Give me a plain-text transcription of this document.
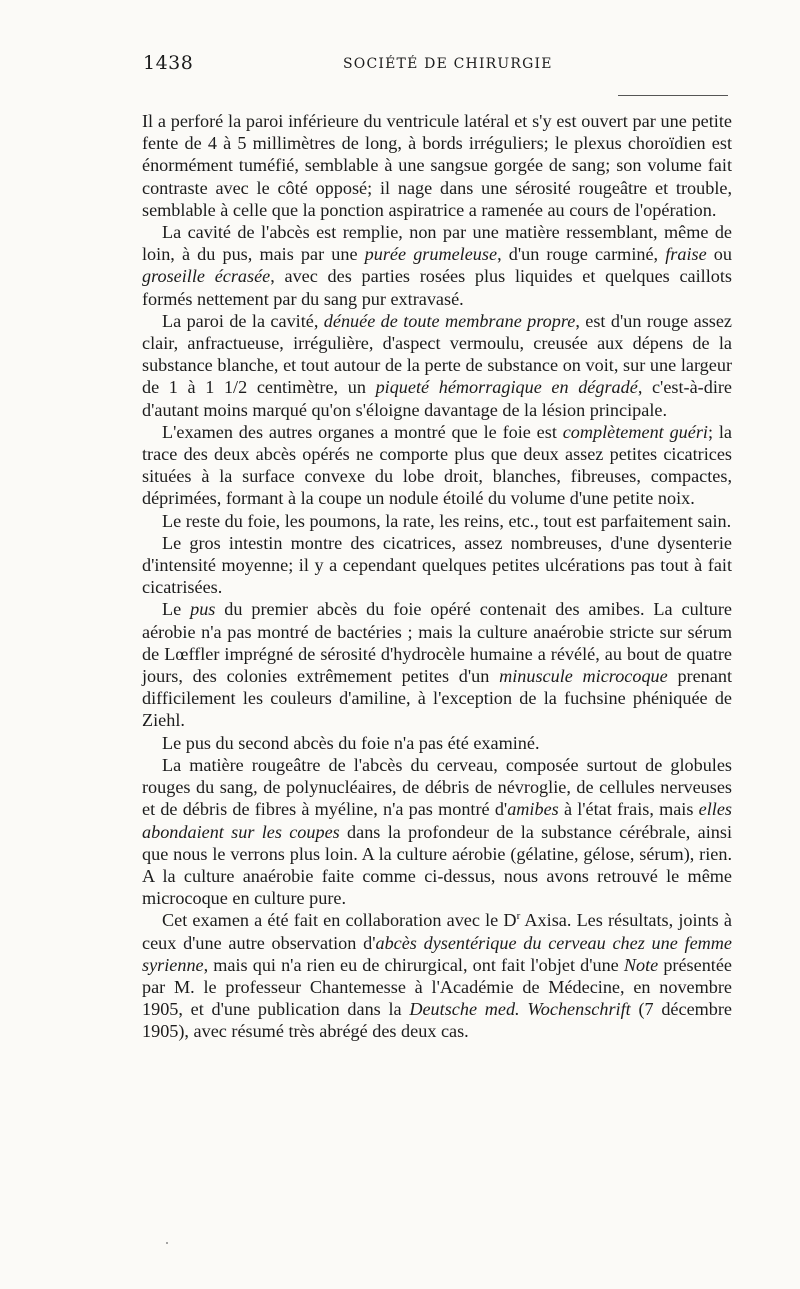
1438	SOCIÉTÉ DE CHIRURGIE

Il a perforé la paroi inférieure du ventricule latéral et s'y est ouvert par une petite fente de 4 à 5 millimètres de long, à bords irréguliers; le plexus choroïdien est énormément tuméfié, semblable à une sangsue gorgée de sang; son volume fait contraste avec le côté opposé; il nage dans une sérosité rougeâtre et trouble, semblable à celle que la ponction aspiratrice a ramenée au cours de l'opération.

La cavité de l'abcès est remplie, non par une matière ressemblant, même de loin, à du pus, mais par une purée grumeleuse, d'un rouge carminé, fraise ou groseille écrasée, avec des parties rosées plus liquides et quelques caillots formés nettement par du sang pur extravasé.

La paroi de la cavité, dénuée de toute membrane propre, est d'un rouge assez clair, anfractueuse, irrégulière, d'aspect vermoulu, creusée aux dépens de la substance blanche, et tout autour de la perte de substance on voit, sur une largeur de 1 à 1 1/2 centimètre, un piqueté hémorragique en dégradé, c'est-à-dire d'autant moins marqué qu'on s'éloigne davantage de la lésion principale.

L'examen des autres organes a montré que le foie est complètement guéri; la trace des deux abcès opérés ne comporte plus que deux assez petites cicatrices situées à la surface convexe du lobe droit, blanches, fibreuses, compactes, déprimées, formant à la coupe un nodule étoilé du volume d'une petite noix.

Le reste du foie, les poumons, la rate, les reins, etc., tout est parfaitement sain.

Le gros intestin montre des cicatrices, assez nombreuses, d'une dysenterie d'intensité moyenne; il y a cependant quelques petites ulcérations pas tout à fait cicatrisées.

Le pus du premier abcès du foie opéré contenait des amibes. La culture aérobie n'a pas montré de bactéries ; mais la culture anaérobie stricte sur sérum de Lœffler imprégné de sérosité d'hydrocèle humaine a révélé, au bout de quatre jours, des colonies extrêmement petites d'un minuscule microcoque prenant difficilement les couleurs d'amiline, à l'exception de la fuchsine phéniquée de Ziehl.

Le pus du second abcès du foie n'a pas été examiné.

La matière rougeâtre de l'abcès du cerveau, composée surtout de globules rouges du sang, de polynucléaires, de débris de névroglie, de cellules nerveuses et de débris de fibres à myéline, n'a pas montré d'amibes à l'état frais, mais elles abondaient sur les coupes dans la profondeur de la substance cérébrale, ainsi que nous le verrons plus loin. A la culture aérobie (gélatine, gélose, sérum), rien. A la culture anaérobie faite comme ci-dessus, nous avons retrouvé le même microcoque en culture pure.

Cet examen a été fait en collaboration avec le $D^r$ Axisa. Les résultats, joints à ceux d'une autre observation d'abcès dysentérique du cerveau chez une femme syrienne, mais qui n'a rien eu de chirurgical, ont fait l'objet d'une Note présentée par M. le professeur Chantemesse à l'Académie de Médecine, en novembre 1905, et d'une publication dans la Deutsche med. Wochenschrift (7 décembre 1905), avec résumé très abrégé des deux cas.
